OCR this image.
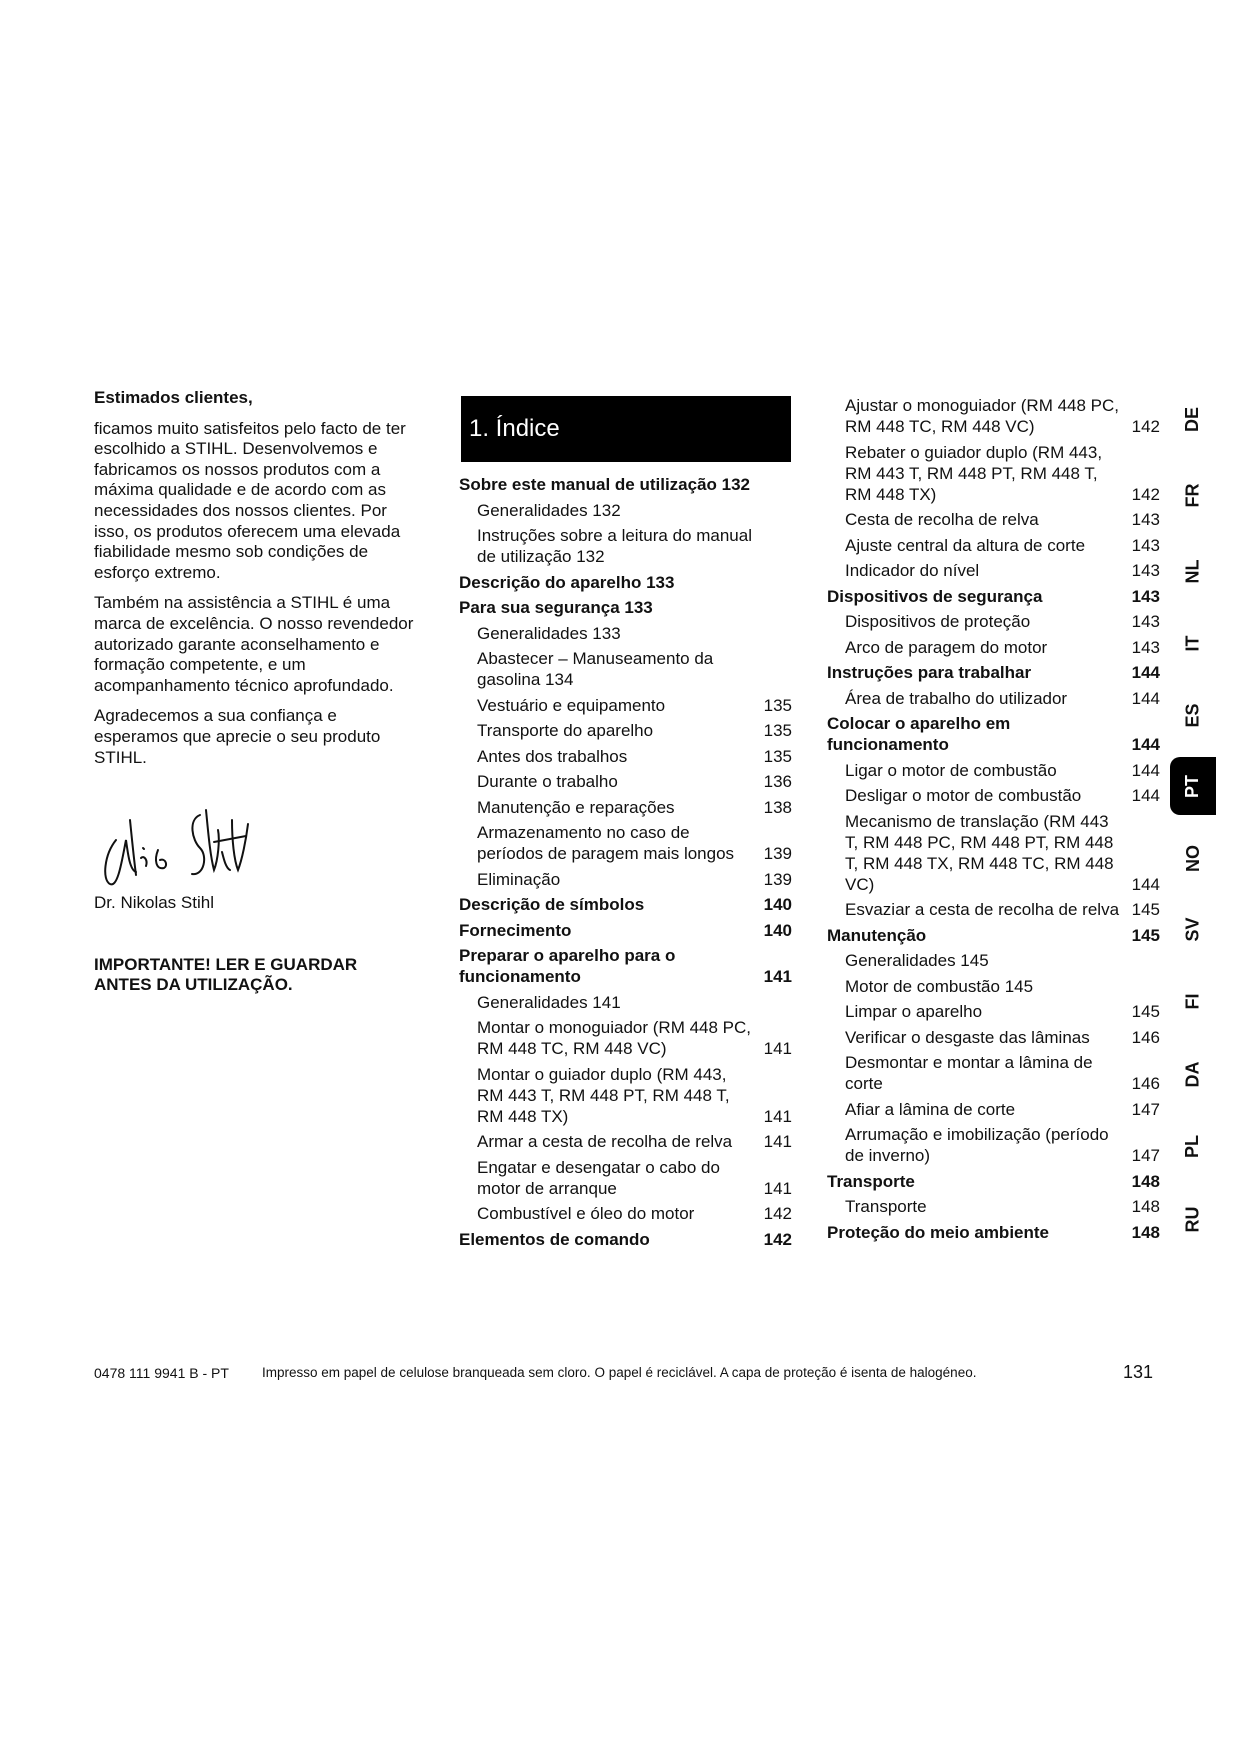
Estimados clientes,

ficamos muito satisfeitos pelo facto de ter escolhido a STIHL. Desenvolvemos e fabricamos os nossos produtos com a máxima qualidade e de acordo com as necessidades dos nossos clientes. Por isso, os produtos oferecem uma elevada fiabilidade mesmo sob condições de esforço extremo.

Também na assistência a STIHL é uma marca de excelência. O nosso revendedor autorizado garante aconselhamento e formação competente, e um acompanhamento técnico aprofundado.

Agradecemos a sua confiança e esperamos que aprecie o seu produto STIHL.

Dr. Nikolas Stihl
IMPORTANTE! LER E GUARDAR
ANTES DA UTILIZAÇÃO.
1. Índice
Sobre este manual de utilização 132
Generalidades 132
Instruções sobre a leitura do manual de utilização 132
Descrição do aparelho 133
Para sua segurança 133
Generalidades 133
Abastecer – Manuseamento da gasolina 134
Vestuário e equipamento	135
Transporte do aparelho	135
Antes dos trabalhos	135
Durante o trabalho	136
Manutenção e reparações	138
Armazenamento no caso de períodos de paragem mais longos	139
Eliminação	139
Descrição de símbolos	140
Fornecimento	140
Preparar o aparelho para o funcionamento	141
Generalidades 141
Montar o monoguiador (RM 448 PC, RM 448 TC, RM 448 VC)	141
Montar o guiador duplo (RM 443, RM 443 T, RM 448 PT, RM 448 T, RM 448 TX)	141
Armar a cesta de recolha de relva	141
Engatar e desengatar o cabo do motor de arranque	141
Combustível e óleo do motor	142
Elementos de comando	142
Ajustar o monoguiador (RM 448 PC, RM 448 TC, RM 448 VC)	142
Rebater o guiador duplo (RM 443, RM 443 T, RM 448 PT, RM 448 T, RM 448 TX)	142
Cesta de recolha de relva	143
Ajuste central da altura de corte	143
Indicador do nível	143
Dispositivos de segurança	143
Dispositivos de proteção	143
Arco de paragem do motor	143
Instruções para trabalhar	144
Área de trabalho do utilizador	144
Colocar o aparelho em funcionamento	144
Ligar o motor de combustão	144
Desligar o motor de combustão	144
Mecanismo de translação (RM 443 T, RM 448 PC, RM 448 PT, RM 448 T, RM 448 TX, RM 448 TC, RM 448 VC)	144
Esvaziar a cesta de recolha de relva 145
Manutenção	145
Generalidades 145
Motor de combustão 145
Limpar o aparelho	145
Verificar o desgaste das lâminas	146
Desmontar e montar a lâmina de corte	146
Afiar a lâmina de corte	147
Arrumação e imobilização (período de inverno)	147
Transporte	148
Transporte	148
Proteção do meio ambiente	148
DE
FR
NL
IT
ES
PT
NO
SV
FI
DA
PL
RU
0478 111 9941 B - PT Impresso em papel de celulose branqueada sem cloro. O papel é reciclável. A capa de proteção é isenta de halogéneo.	131
